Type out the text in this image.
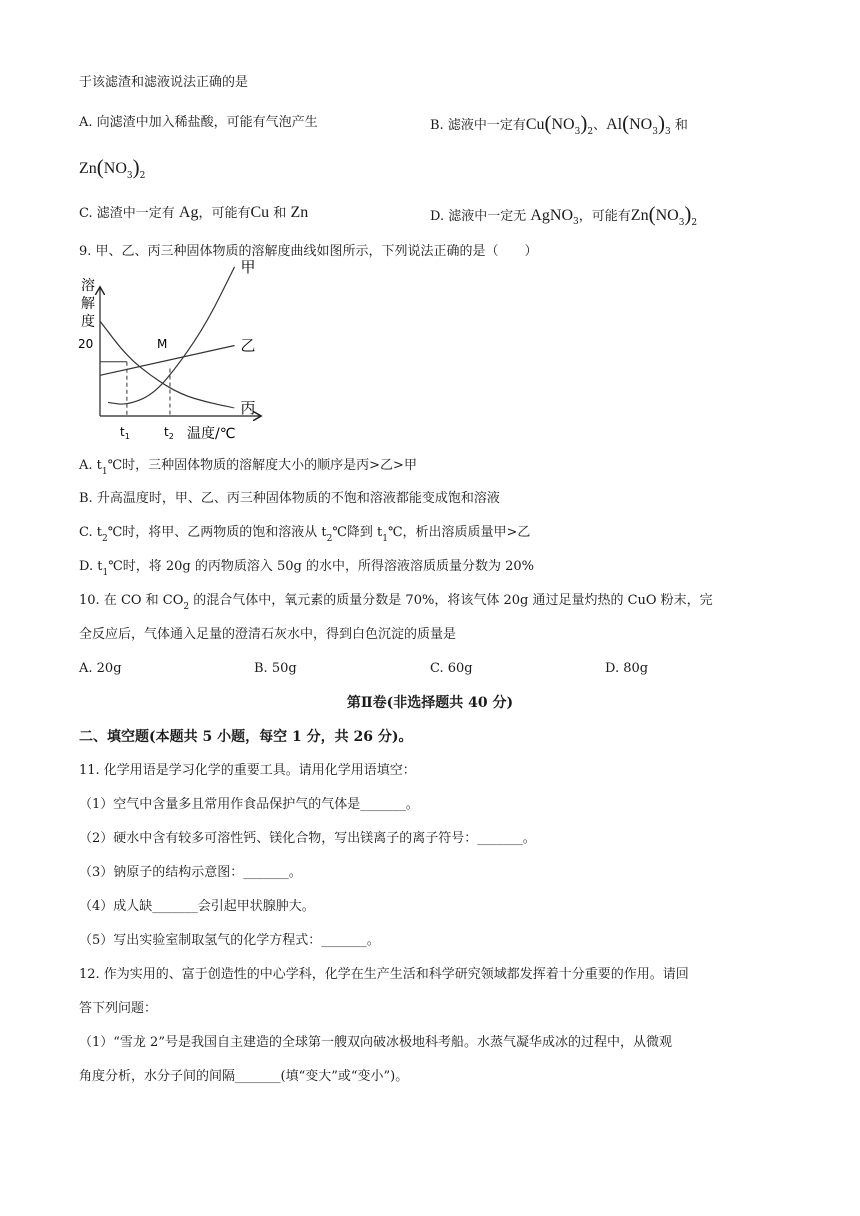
于该滤渣和滤液说法正确的是
A. 向滤渣中加入稀盐酸，可能有气泡产生	B. 滤液中一定有$Cu(NO_3)_2$、$Al(NO_3)_3$ 和
$Zn(NO_3)_2$
C. 滤渣中一定有 Ag，可能有Cu 和 Zn	D. 滤液中一定无 AgNO$_3$，可能有$Zn(NO_3)_2$
9. 甲、乙、丙三种固体物质的溶解度曲线如图所示，下列说法正确的是（　　）
溶
解
度
20	M
$t_1$	$t_2$ 温度/℃
甲
乙
丙
A. $t_1℃$时，三种固体物质的溶解度大小的顺序是丙>乙>甲
B. 升高温度时，甲、乙、丙三种固体物质的不饱和溶液都能变成饱和溶液
C. $t_2℃$时，将甲、乙两物质的饱和溶液从 $t_2℃$降到 $t_1℃$，析出溶质质量甲>乙
D. $t_1℃$时，将 20g 的丙物质溶入 50g 的水中，所得溶液溶质质量分数为 20%
10. 在 CO 和 $CO_2$ 的混合气体中，氧元素的质量分数是 70%，将该气体 20g 通过足量灼热的 CuO 粉末，完
全反应后，气体通入足量的澄清石灰水中，得到白色沉淀的质量是
A. 20g	B. 50g	C. 60g	D. 80g
第Ⅱ卷(非选择题共 40 分)
二、填空题(本题共 5 小题，每空 1 分，共 26 分)。
11. 化学用语是学习化学的重要工具。请用化学用语填空：
（1）空气中含量多且常用作食品保护气的气体是_______。
（2）硬水中含有较多可溶性钙、镁化合物，写出镁离子的离子符号：_______。
（3）钠原子的结构示意图：_______。
（4）成人缺_______会引起甲状腺肿大。
（5）写出实验室制取氢气的化学方程式：_______。
12. 作为实用的、富于创造性的中心学科，化学在生产生活和科学研究领域都发挥着十分重要的作用。请回
答下列问题：
（1）“雪龙 2”号是我国自主建造的全球第一艘双向破冰极地科考船。水蒸气凝华成冰的过程中，从微观
角度分析，水分子间的间隔_______(填“变大”或“变小”)。
